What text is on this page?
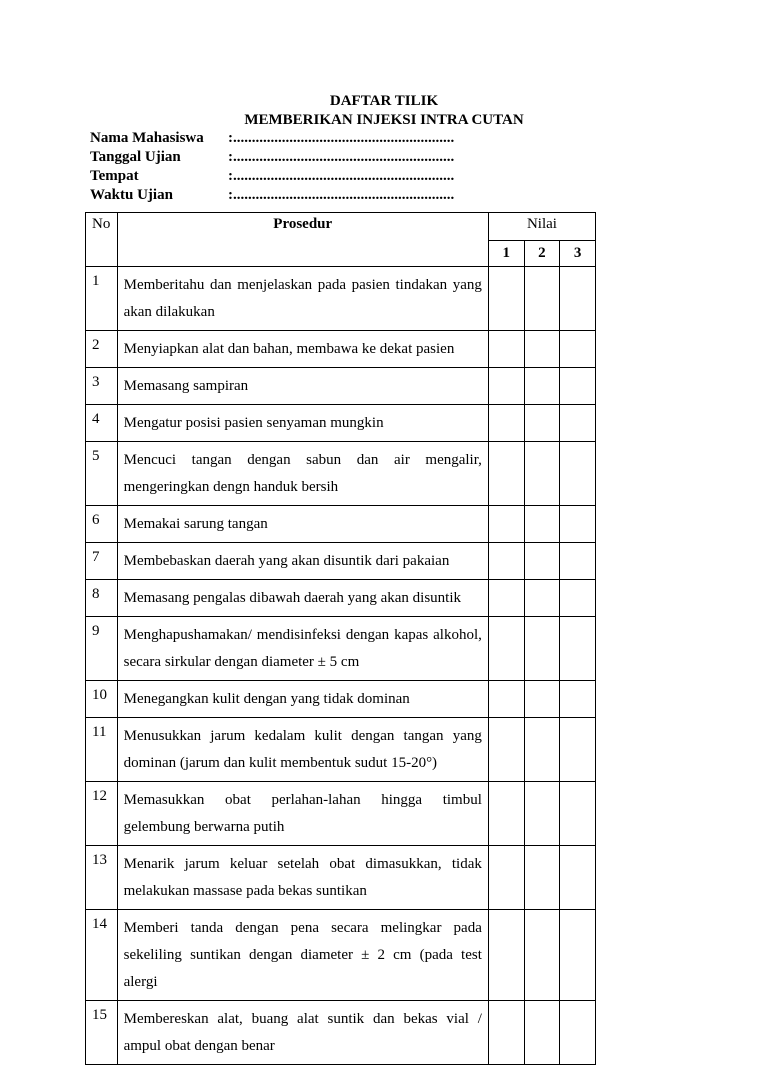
DAFTAR TILIK
MEMBERIKAN INJEKSI INTRA CUTAN
Nama Mahasiswa :...........................................................
Tanggal Ujian	:...........................................................
Tempat	:...........................................................
Waktu Ujian	:...........................................................
No	Prosedur	Nilai		
		1	2	3
1	Memberitahu dan menjelaskan pada pasien tindakan yang akan dilakukan			
2	Menyiapkan alat dan bahan, membawa ke dekat pasien			
3	Memasang sampiran			
4	Mengatur posisi pasien senyaman mungkin			
5	Mencuci tangan dengan sabun dan air mengalir, mengeringkan dengn handuk bersih			
6	Memakai sarung tangan			
7	Membebaskan daerah yang akan disuntik dari pakaian			
8	Memasang pengalas dibawah daerah yang akan disuntik			
9	Menghapushamakan/ mendisinfeksi dengan kapas alkohol, secara sirkular dengan diameter ± 5 cm			
10	Menegangkan kulit dengan yang tidak dominan			
11	Menusukkan jarum kedalam kulit dengan tangan yang dominan (jarum dan kulit membentuk sudut 15-20°)			
12	Memasukkan obat perlahan-lahan hingga timbul gelembung berwarna putih			
13	Menarik jarum keluar setelah obat dimasukkan, tidak melakukan massase pada bekas suntikan			
14	Memberi tanda dengan pena secara melingkar pada sekeliling suntikan dengan diameter ± 2 cm (pada test alergi			
15	Membereskan alat, buang alat suntik dan bekas vial / ampul obat dengan benar			
